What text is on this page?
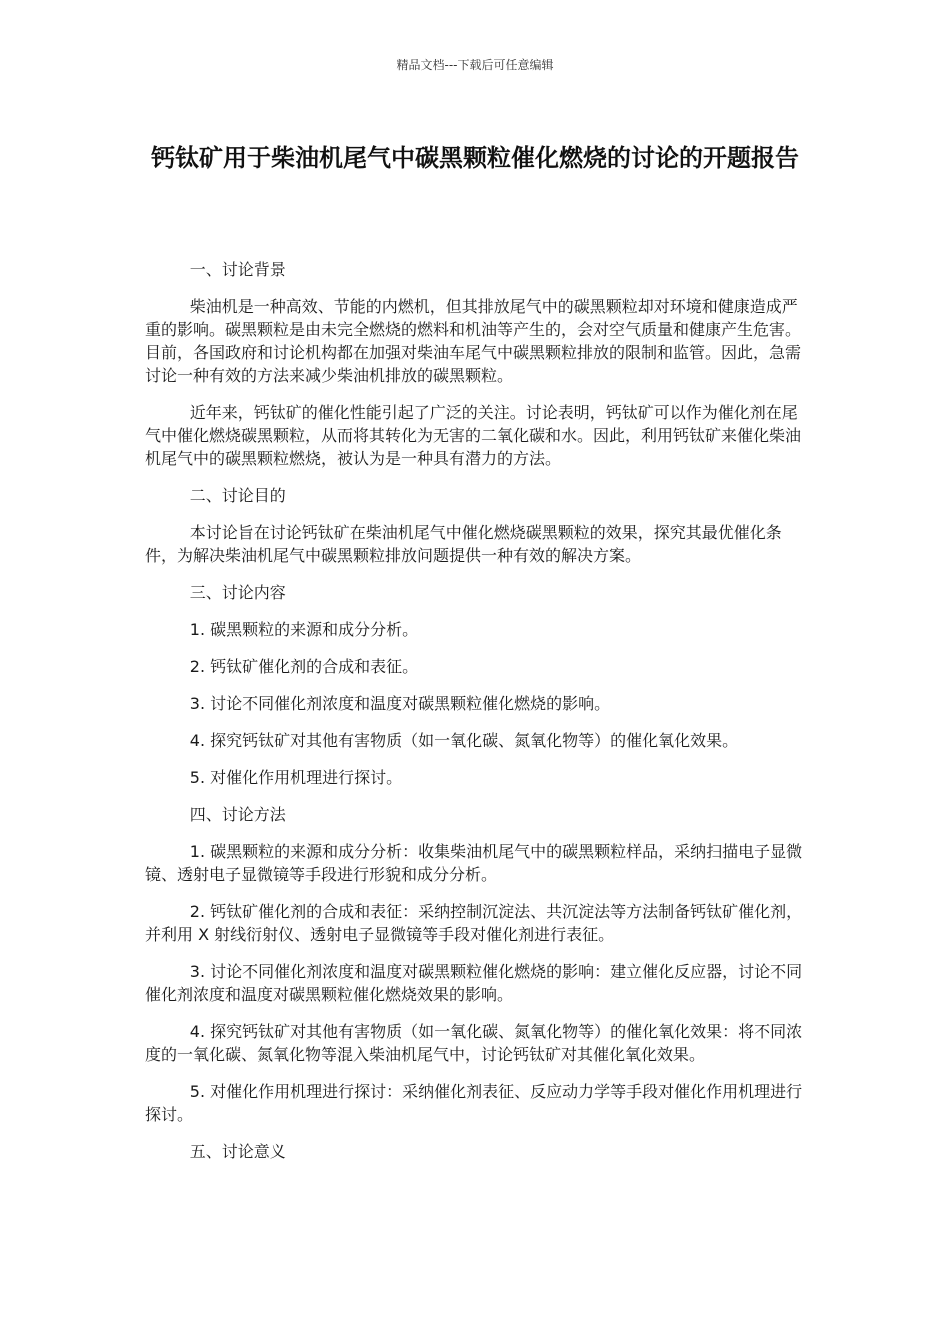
精品文档---下载后可任意编辑
钙钛矿用于柴油机尾气中碳黑颗粒催化燃烧的讨论的开题报告

一、讨论背景

柴油机是一种高效、节能的内燃机，但其排放尾气中的碳黑颗粒却对环境和健康造成严重的影响。碳黑颗粒是由未完全燃烧的燃料和机油等产生的，会对空气质量和健康产生危害。目前，各国政府和讨论机构都在加强对柴油车尾气中碳黑颗粒排放的限制和监管。因此，急需讨论一种有效的方法来减少柴油机排放的碳黑颗粒。

近年来，钙钛矿的催化性能引起了广泛的关注。讨论表明，钙钛矿可以作为催化剂在尾气中催化燃烧碳黑颗粒，从而将其转化为无害的二氧化碳和水。因此，利用钙钛矿来催化柴油机尾气中的碳黑颗粒燃烧，被认为是一种具有潜力的方法。

二、讨论目的

本讨论旨在讨论钙钛矿在柴油机尾气中催化燃烧碳黑颗粒的效果，探究其最优催化条件，为解决柴油机尾气中碳黑颗粒排放问题提供一种有效的解决方案。

三、讨论内容

1. 碳黑颗粒的来源和成分分析。

2. 钙钛矿催化剂的合成和表征。

3. 讨论不同催化剂浓度和温度对碳黑颗粒催化燃烧的影响。

4. 探究钙钛矿对其他有害物质（如一氧化碳、氮氧化物等）的催化氧化效果。

5. 对催化作用机理进行探讨。

四、讨论方法

1. 碳黑颗粒的来源和成分分析：收集柴油机尾气中的碳黑颗粒样品，采纳扫描电子显微镜、透射电子显微镜等手段进行形貌和成分分析。

2. 钙钛矿催化剂的合成和表征：采纳控制沉淀法、共沉淀法等方法制备钙钛矿催化剂，并利用 X 射线衍射仪、透射电子显微镜等手段对催化剂进行表征。

3. 讨论不同催化剂浓度和温度对碳黑颗粒催化燃烧的影响：建立催化反应器，讨论不同催化剂浓度和温度对碳黑颗粒催化燃烧效果的影响。

4. 探究钙钛矿对其他有害物质（如一氧化碳、氮氧化物等）的催化氧化效果：将不同浓度的一氧化碳、氮氧化物等混入柴油机尾气中，讨论钙钛矿对其催化氧化效果。

5. 对催化作用机理进行探讨：采纳催化剂表征、反应动力学等手段对催化作用机理进行探讨。

五、讨论意义
